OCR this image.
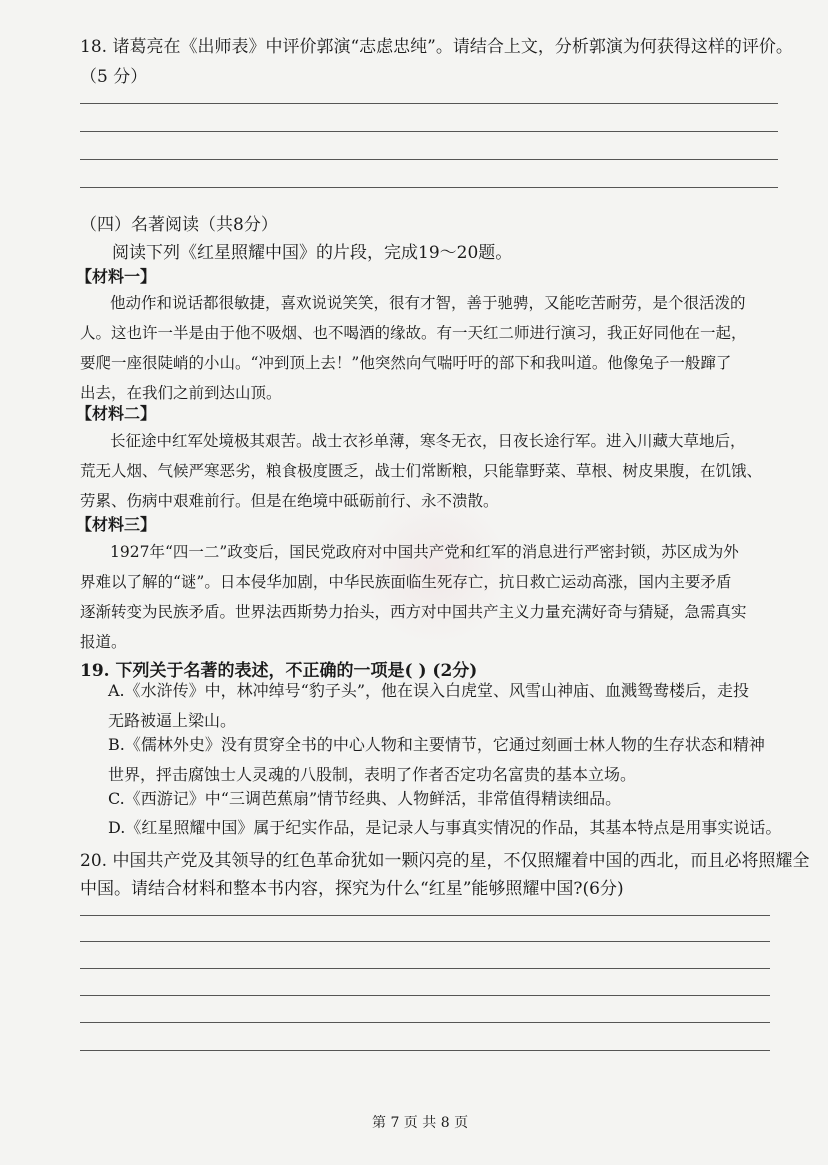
18. 诸葛亮在《出师表》中评价郭演“志虑忠纯”。请结合上文，分析郭演为何获得这样的评价。
（5 分）
（四）名著阅读（共8分）
阅读下列《红星照耀中国》的片段，完成19～20题。
【材料一】
他动作和说话都很敏捷，喜欢说说笑笑，很有才智，善于驰骋，又能吃苦耐劳，是个很活泼的
人。这也许一半是由于他不吸烟、也不喝酒的缘故。有一天红二师进行演习，我正好同他在一起，
要爬一座很陡峭的小山。“冲到顶上去！”他突然向气喘吁吁的部下和我叫道。他像兔子一般蹿了
出去，在我们之前到达山顶。
【材料二】
长征途中红军处境极其艰苦。战士衣衫单薄，寒冬无衣，日夜长途行军。进入川藏大草地后，
荒无人烟、气候严寒恶劣，粮食极度匮乏，战士们常断粮，只能靠野菜、草根、树皮果腹，在饥饿、
劳累、伤病中艰难前行。但是在绝境中砥砺前行、永不溃散。
【材料三】
1927年“四一二”政变后，国民党政府对中国共产党和红军的消息进行严密封锁，苏区成为外
界难以了解的“谜”。日本侵华加剧，中华民族面临生死存亡，抗日救亡运动高涨，国内主要矛盾
逐渐转变为民族矛盾。世界法西斯势力抬头，西方对中国共产主义力量充满好奇与猜疑，急需真实
报道。
19. 下列关于名著的表述，不正确的一项是( ) (2分)
A.《水浒传》中，林冲绰号“豹子头”，他在误入白虎堂、风雪山神庙、血溅鸳鸯楼后，走投
无路被逼上梁山。
B.《儒林外史》没有贯穿全书的中心人物和主要情节，它通过刻画士林人物的生存状态和精神
世界，抨击腐蚀士人灵魂的八股制，表明了作者否定功名富贵的基本立场。
C.《西游记》中“三调芭蕉扇”情节经典、人物鲜活，非常值得精读细品。
D.《红星照耀中国》属于纪实作品，是记录人与事真实情况的作品，其基本特点是用事实说话。
20. 中国共产党及其领导的红色革命犹如一颗闪亮的星，不仅照耀着中国的西北，而且必将照耀全
中国。请结合材料和整本书内容，探究为什么“红星”能够照耀中国?(6分)
第 7 页 共 8 页
